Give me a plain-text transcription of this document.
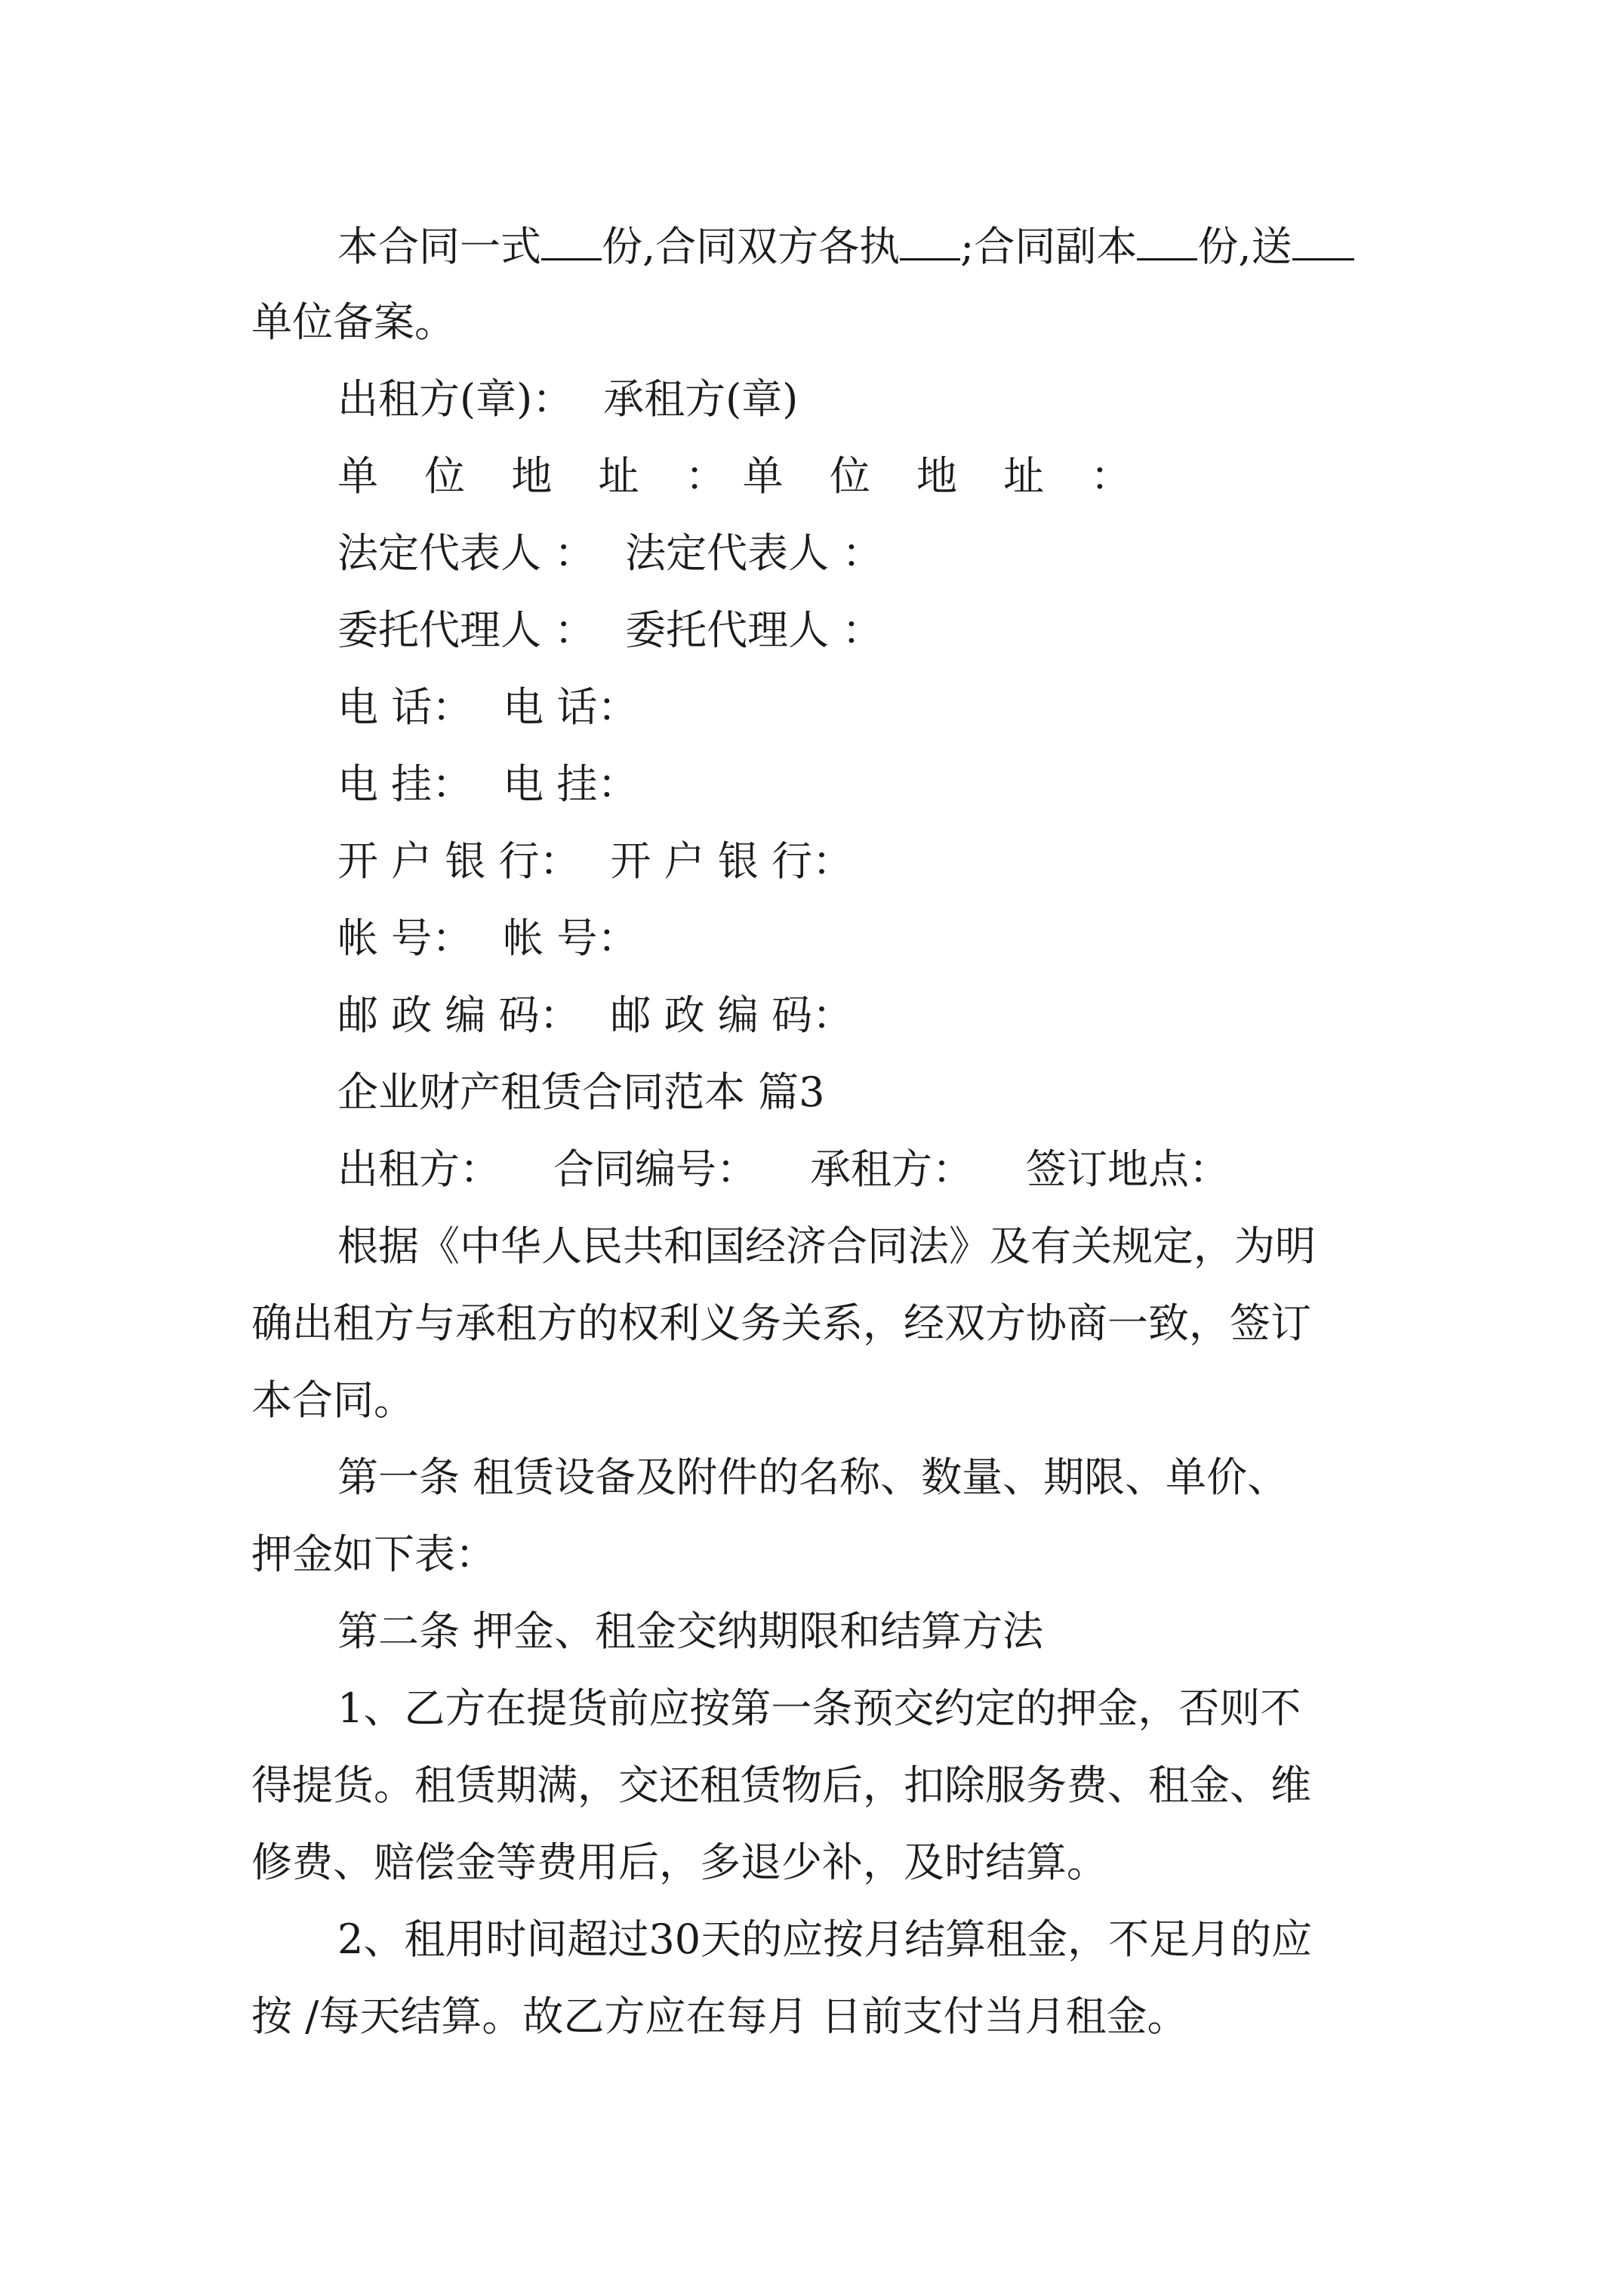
本合同一式 份,合同双方各执 ;合同副本 份,送
单位备案。
出租方(章)： 承租方(章)
单 位 地 址 ：单 位 地 址 ：
法定代表人 ： 法定代表人 ：
委托代理人 ： 委托代理人 ：
电 话： 电 话：
电 挂： 电 挂：
开 户 银 行： 开 户 银 行：
帐 号： 帐 号：
邮 政 编 码： 邮 政 编 码：
企业财产租赁合同范本 篇3
出租方： 合同编号： 承租方： 签订地点：
根据《中华人民共和国经济合同法》及有关规定，为明
确出租方与承租方的权利义务关系，经双方协商一致，签订
本合同。
第一条 租赁设备及附件的名称、数量、期限、单价、
押金如下表：
第二条 押金、租金交纳期限和结算方法
1、乙方在提货前应按第一条预交约定的押金，否则不
得提货。租赁期满，交还租赁物后，扣除服务费、租金、维
修费、赔偿金等费用后，多退少补，及时结算。
2、租用时间超过30天的应按月结算租金，不足月的应
按 /每天结算。故乙方应在每月 日前支付当月租金。
